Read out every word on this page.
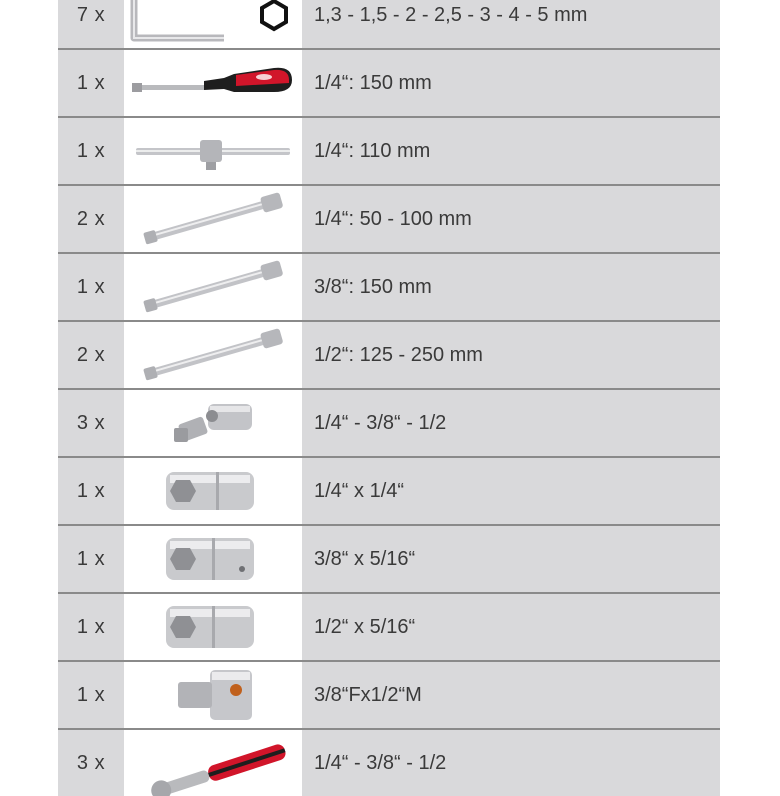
7 x	1,3 - 1,5 - 2 - 2,5 - 3 - 4 - 5 mm
1 x	1/4“: 150 mm
1 x	1/4“: 110 mm
2 x	1/4“: 50 - 100 mm
1 x	3/8“: 150 mm
2 x	1/2“: 125 - 250 mm
3 x	1/4“ - 3/8“ - 1/2
1 x	1/4“ x 1/4“
1 x	3/8“ x 5/16“
1 x	1/2“ x 5/16“
1 x	3/8“Fx1/2“M
3 x	1/4“ - 3/8“ - 1/2
